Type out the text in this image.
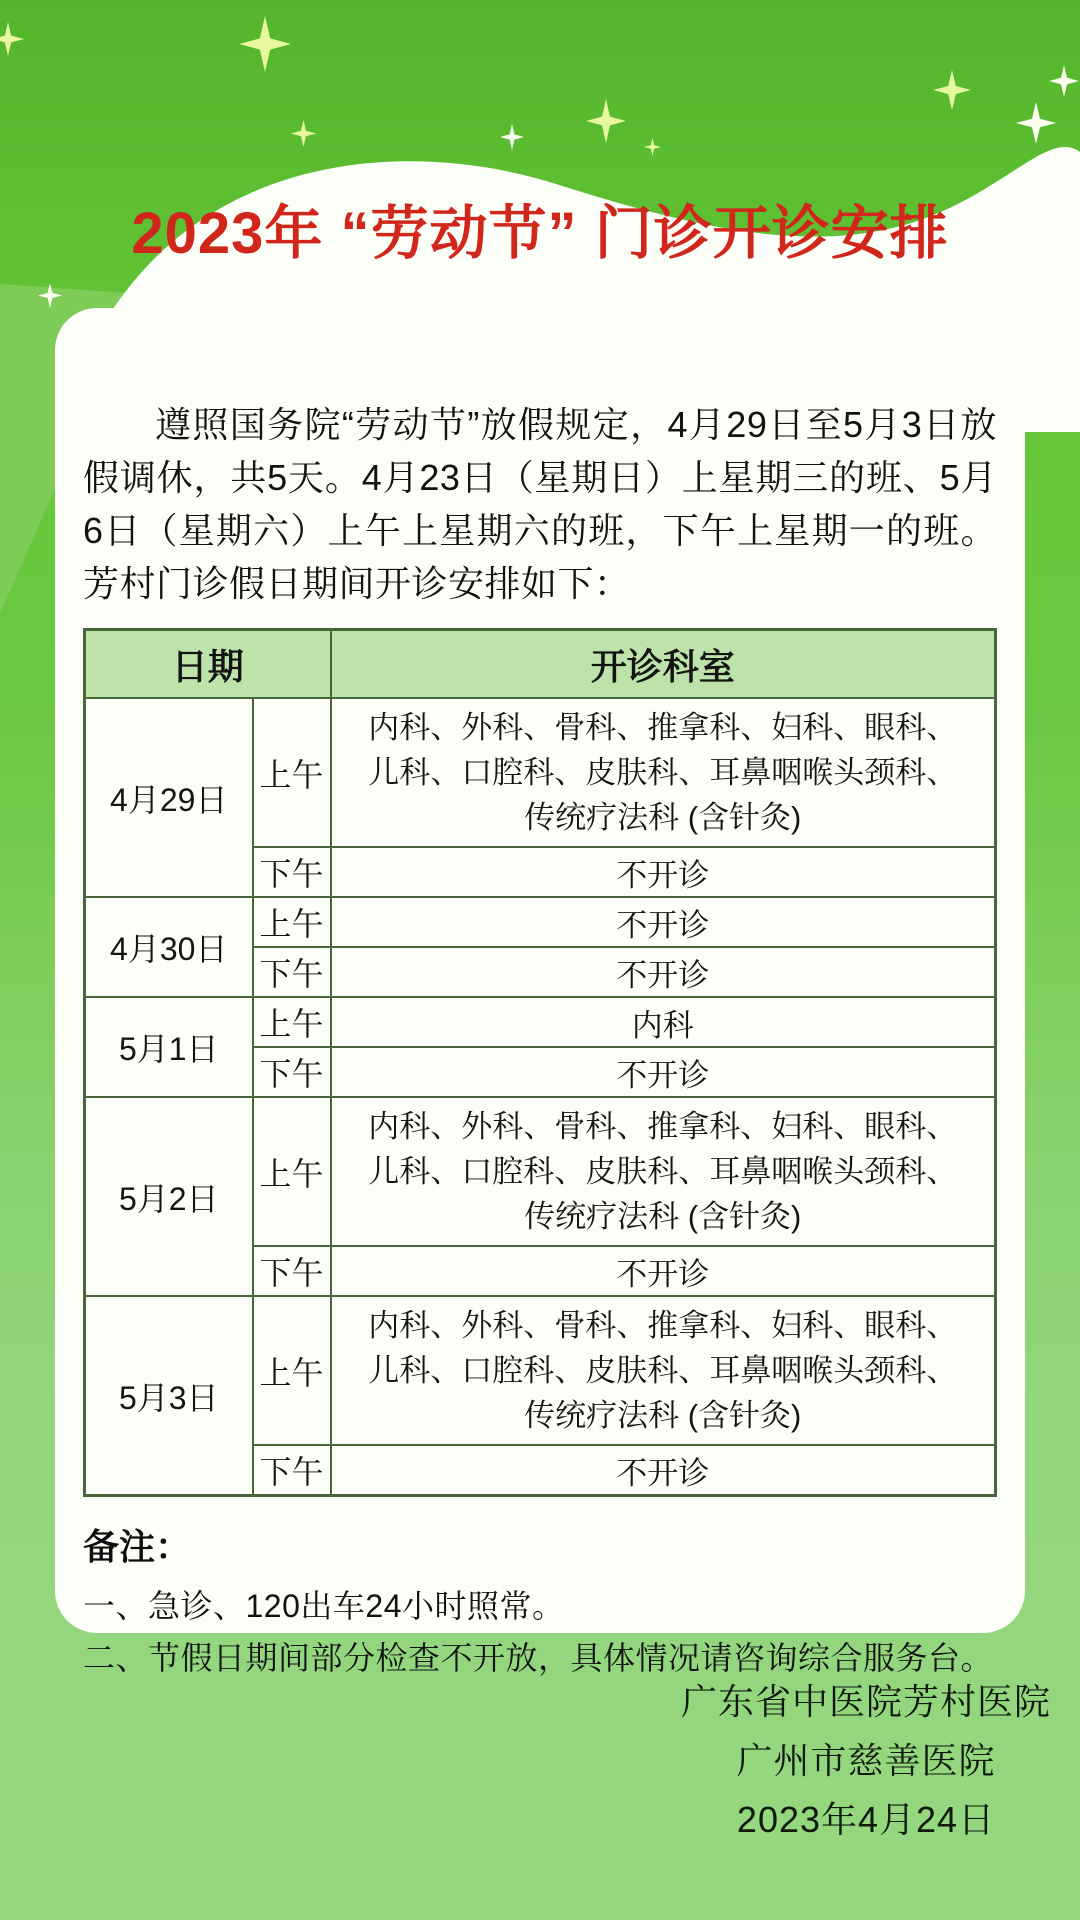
2023年 “劳动节” 门诊开诊安排

遵照国务院“劳动节”放假规定，4月29日至5月3日放假调休，共5天。4月23日（星期日）上星期三的班、5月6日（星期六）上午上星期六的班，下午上星期一的班。芳村门诊假日期间开诊安排如下：

日期		开诊科室
4月29日	上午	内科、外科、骨科、推拿科、妇科、眼科、儿科、口腔科、皮肤科、耳鼻咽喉头颈科、传统疗法科 (含针灸)
	下午	不开诊
4月30日	上午	不开诊
	下午	不开诊
5月1日	上午	内科
	下午	不开诊
5月2日	上午	内科、外科、骨科、推拿科、妇科、眼科、儿科、口腔科、皮肤科、耳鼻咽喉头颈科、传统疗法科 (含针灸)
	下午	不开诊
5月3日	上午	内科、外科、骨科、推拿科、妇科、眼科、儿科、口腔科、皮肤科、耳鼻咽喉头颈科、传统疗法科 (含针灸)
	下午	不开诊
备注：
一、急诊、120出车24小时照常。
二、节假日期间部分检查不开放，具体情况请咨询综合服务台。
广东省中医院芳村医院
广州市慈善医院
2023年4月24日
